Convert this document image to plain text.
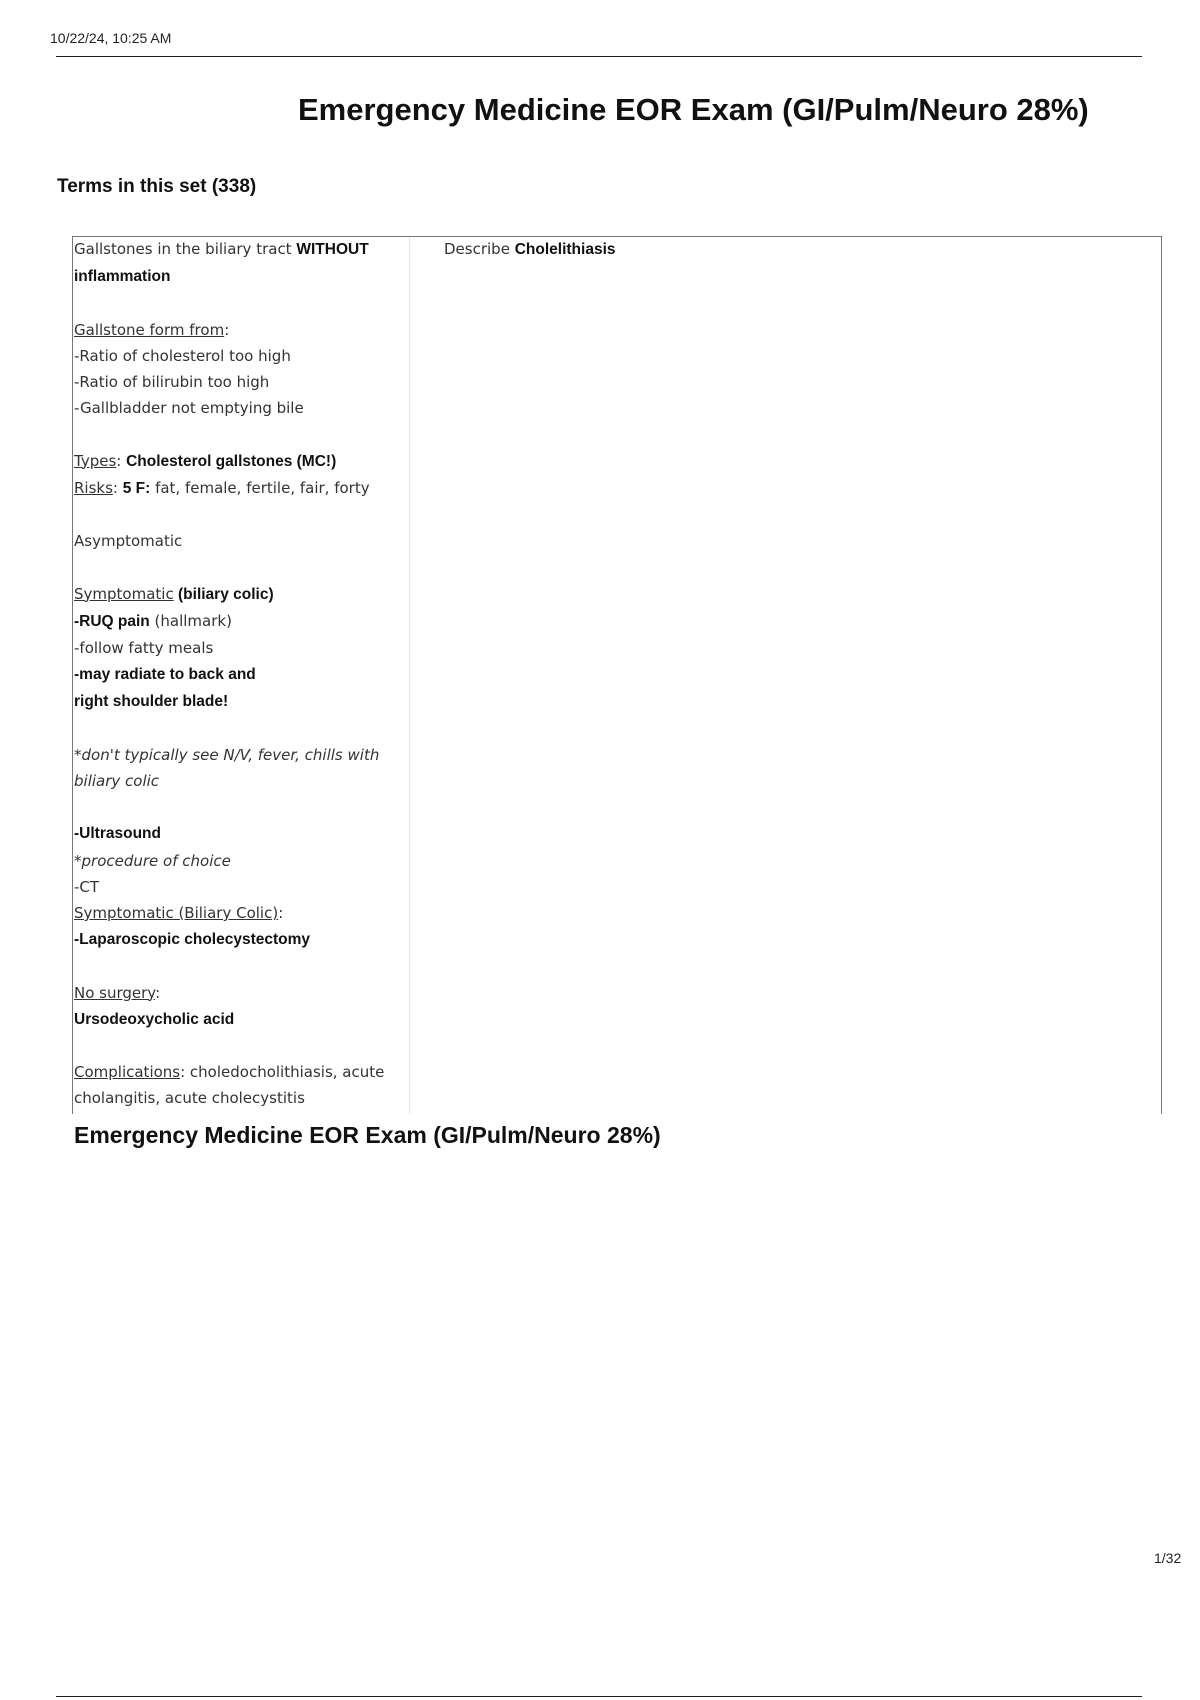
10/22/24, 10:25 AM
Emergency Medicine EOR Exam (GI/Pulm/Neuro 28%)
Terms in this set (338)
Gallstones in the biliary tract WITHOUT
inflammation
Gallstone form from:
-Ratio of cholesterol too high
-Ratio of bilirubin too high
-Gallbladder not emptying bile
Types: Cholesterol gallstones (MC!)
Risks: 5 F: fat, female, fertile, fair, forty
Asymptomatic
Symptomatic (biliary colic)
-RUQ pain (hallmark)
-follow fatty meals
-may radiate to back and
right shoulder blade!
*don't typically see N/V, fever, chills with
biliary colic
-Ultrasound
*procedure of choice
-CT
Symptomatic (Biliary Colic):
-Laparoscopic cholecystectomy
No surgery:
Ursodeoxycholic acid
Complications: choledocholithiasis, acute
cholangitis, acute cholecystitis
Describe Cholelithiasis
Emergency Medicine EOR Exam (GI/Pulm/Neuro 28%)
1/32
